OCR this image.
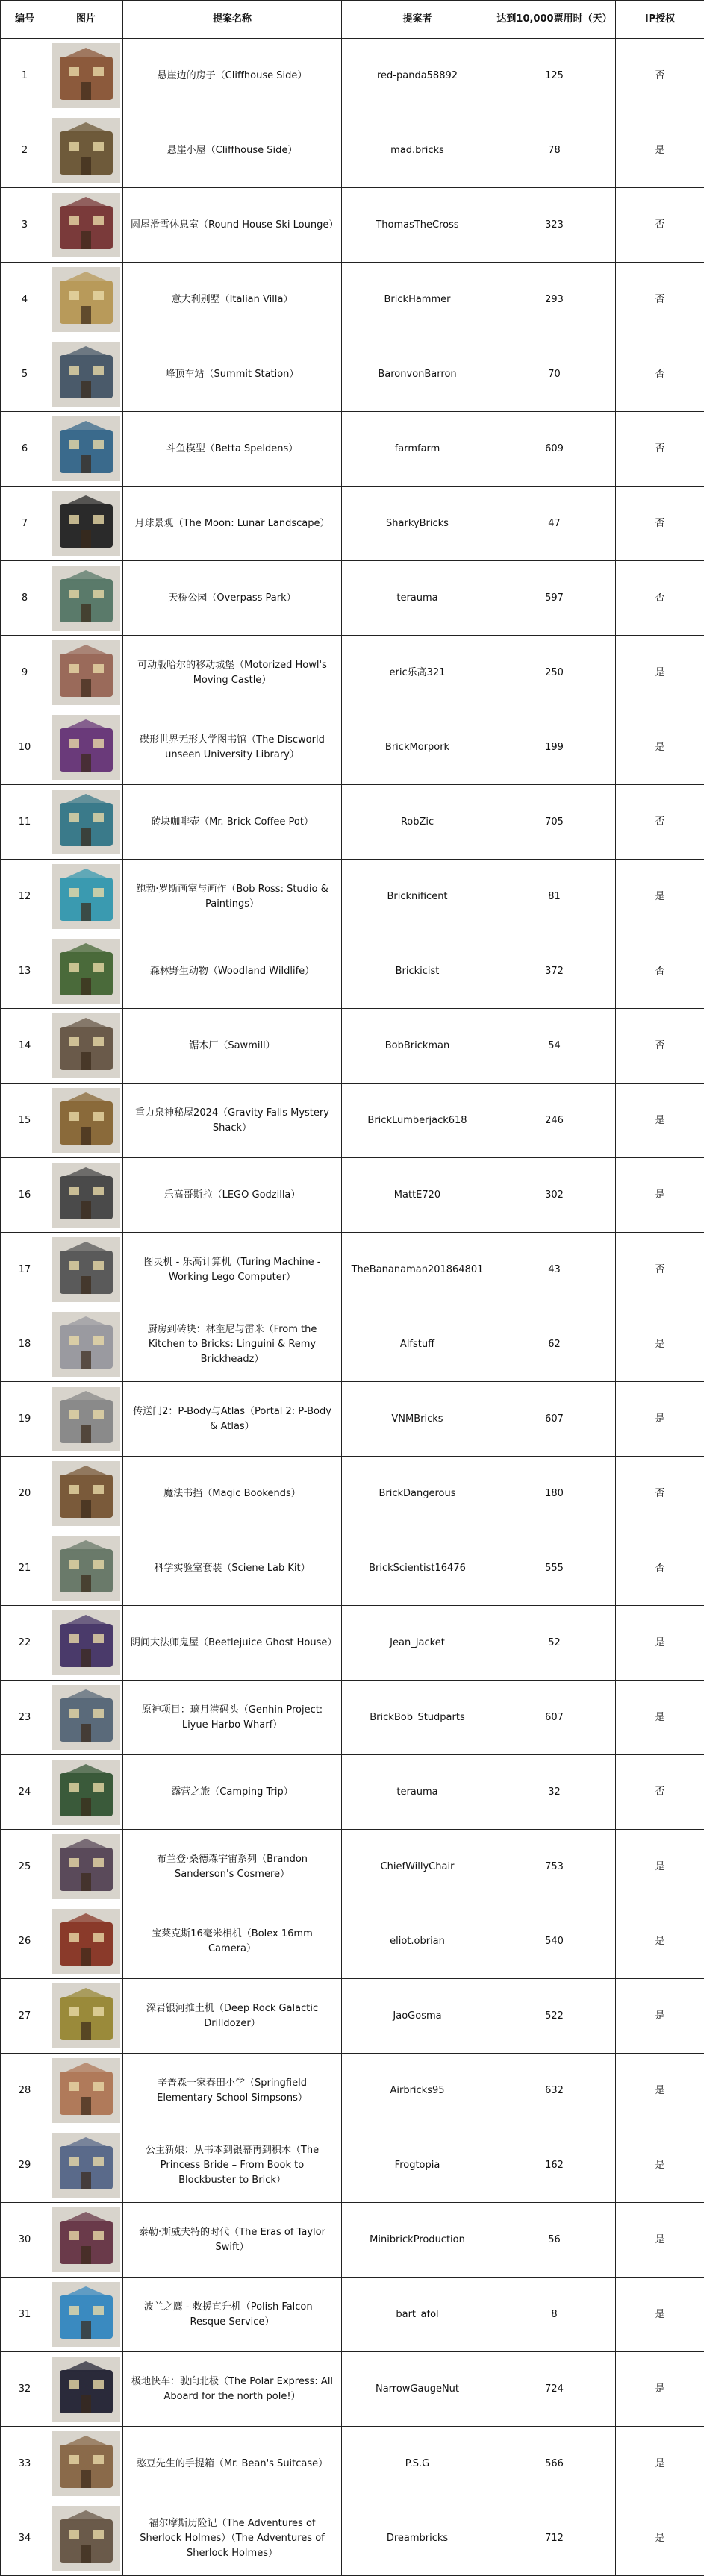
编号	图片	提案名称	提案者	达到10,000票用时（天）	IP授权
1		悬崖边的房子（Cliffhouse Side）	red-panda58892	125	否
2		悬崖小屋（Cliffhouse Side）	mad.bricks	78	是
3		圆屋滑雪休息室（Round House Ski Lounge）	ThomasTheCross	323	否
4		意大利别墅（Italian Villa）	BrickHammer	293	否
5		峰顶车站（Summit Station）	BaronvonBarron	70	否
6		斗鱼模型（Betta Speldens）	farmfarm	609	否
7		月球景观（The Moon: Lunar Landscape）	SharkyBricks	47	否
8		天桥公园（Overpass Park）	terauma	597	否
9		可动版哈尔的移动城堡（Motorized Howl's Moving Castle）	eric乐高321	250	是
10		碟形世界无形大学图书馆（The Discworld unseen University Library）	BrickMorpork	199	是
11		砖块咖啡壶（Mr. Brick Coffee Pot）	RobZic	705	否
12		鲍勃·罗斯画室与画作（Bob Ross: Studio & Paintings）	Bricknificent	81	是
13		森林野生动物（Woodland Wildlife）	Brickicist	372	否
14		锯木厂（Sawmill）	BobBrickman	54	否
15		重力泉神秘屋2024（Gravity Falls Mystery Shack）	BrickLumberjack618	246	是
16		乐高哥斯拉（LEGO Godzilla）	MattE720	302	是
17		图灵机 - 乐高计算机（Turing Machine - Working Lego Computer）	TheBananaman201864801	43	否
18		厨房到砖块：林奎尼与雷米（From the Kitchen to Bricks: Linguini & Remy Brickheadz）	Alfstuff	62	是
19		传送门2：P-Body与Atlas（Portal 2: P-Body & Atlas）	VNMBricks	607	是
20		魔法书挡（Magic Bookends）	BrickDangerous	180	否
21		科学实验室套装（Sciene Lab Kit）	BrickScientist16476	555	否
22		阴间大法师鬼屋（Beetlejuice Ghost House）	Jean_Jacket	52	是
23		原神项目：璃月港码头（Genhin Project: Liyue Harbo Wharf）	BrickBob_Studparts	607	是
24		露营之旅（Camping Trip）	terauma	32	否
25		布兰登·桑德森宇宙系列（Brandon Sanderson's Cosmere）	ChiefWillyChair	753	是
26		宝莱克斯16毫米相机（Bolex 16mm Camera）	eliot.obrian	540	是
27		深岩银河推土机（Deep Rock Galactic Drilldozer）	JaoGosma	522	是
28		辛普森一家春田小学（Springfield Elementary School Simpsons）	Airbricks95	632	是
29		公主新娘：从书本到银幕再到积木（The Princess Bride – From Book to Blockbuster to Brick）	Frogtopia	162	是
30		泰勒·斯威夫特的时代（The Eras of Taylor Swift）	MinibrickProduction	56	是
31		波兰之鹰 - 救援直升机（Polish Falcon – Resque Service）	bart_afol	8	是
32		极地快车：驶向北极（The Polar Express: All Aboard for the north pole!）	NarrowGaugeNut	724	是
33		憨豆先生的手提箱（Mr. Bean's Suitcase）	P.S.G	566	是
34		福尔摩斯历险记（The Adventures of Sherlock Holmes）（The Adventures of Sherlock Holmes）	Dreambricks	712	是
